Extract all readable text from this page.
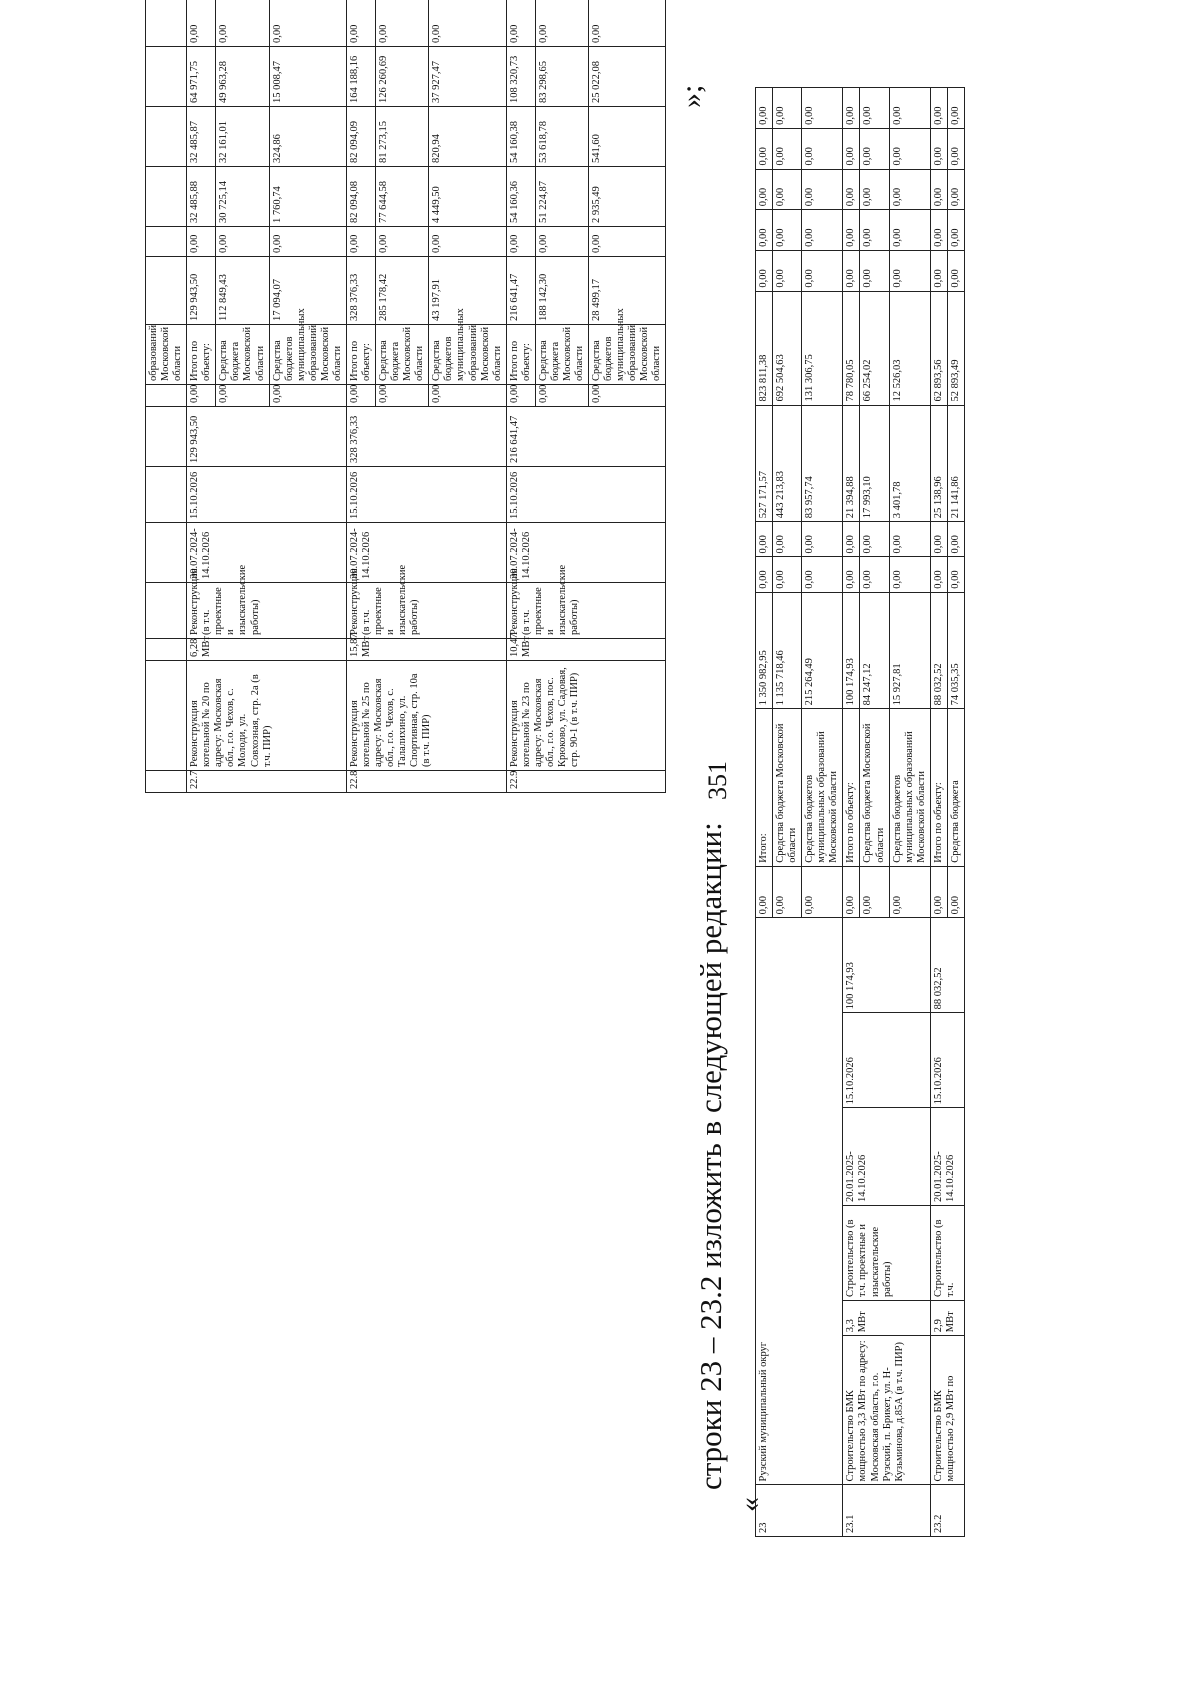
351
								образований
Московской
области											
22.7	Реконструкция котельной № 20 по адресу: Московская обл., г.о. Чехов, с. Молоди, ул. Совхозная, стр. 2а (в т.ч. ПИР)	6,28 МВт	Реконструкция (в т.ч. проектные и изыскательские работы)	30.07.2024-14.10.2026	15.10.2026	129 943,50	0,00	Итого по объекту:	129 943,50	0,00	32 485,88	32 485,87	64 971,75	0,00					
							0,00	Средства бюджета Московской области	112 849,43	0,00	30 725,14	32 161,01	49 963,28	0,00					
							0,00	Средства бюджетов муниципальных образований Московской области	17 094,07	0,00	1 760,74	324,86	15 008,47	0,00					
22.8	Реконструкция котельной № 25 по адресу: Московская обл., г.о. Чехов, с. Талалихино, ул. Спортивная, стр. 10а (в т.ч. ПИР)	15,87 МВт	Реконструкция (в т.ч. проектные и изыскательские работы)	30.07.2024-14.10.2026	15.10.2026	328 376,33	0,00	Итого по объекту:	328 376,33	0,00	82 094,08	82 094,09	164 188,16	0,00					
							0,00	Средства бюджета Московской области	285 178,42	0,00	77 644,58	81 273,15	126 260,69	0,00					
							0,00	Средства бюджетов муниципальных образований Московской области	43 197,91	0,00	4 449,50	820,94	37 927,47	0,00					
22.9	Реконструкция котельной № 23 по адресу: Московская обл., г.о. Чехов, пос. Крюково, ул. Садовая, стр. 90-1 (в т.ч. ПИР)	10,47 МВт	Реконструкция (в т.ч. проектные и изыскательские работы)	30.07.2024-14.10.2026	15.10.2026	216 641,47	0,00	Итого по объекту:	216 641,47	0,00	54 160,36	54 160,38	108 320,73	0,00					
							0,00	Средства бюджета Московской области	188 142,30	0,00	51 224,87	53 618,78	83 298,65	0,00					
							0,00	Средства бюджетов муниципальных образований Московской области	28 499,17	0,00	2 935,49	541,60	25 022,08	0,00					
строки 23 – 23.2 изложить в следующей редакции:
»;
«
23	Рузский муниципальный округ						0,00	Итого:	1 350 982,95	0,00	0,00	527 171,57	823 811,38	0,00	0,00	0,00	0,00	0,00
							0,00	Средства бюджета Московской области	1 135 718,46	0,00	0,00	443 213,83	692 504,63	0,00	0,00	0,00	0,00	0,00
							0,00	Средства бюджетов муниципальных образований Московской области	215 264,49	0,00	0,00	83 957,74	131 306,75	0,00	0,00	0,00	0,00	0,00
23.1	Строительство БМК мощностью 3,3 МВт по адресу: Московская область, г.о. Рузский, п. Брикет, ул. Н-Кузьминова, д.85А (в т.ч. ПИР)	3,3 МВт	Строительство (в т.ч. проектные и изыскательские работы)	20.01.2025-14.10.2026	15.10.2026	100 174,93	0,00	Итого по объекту:	100 174,93	0,00	0,00	21 394,88	78 780,05	0,00	0,00	0,00	0,00	0,00
							0,00	Средства бюджета Московской области	84 247,12	0,00	0,00	17 993,10	66 254,02	0,00	0,00	0,00	0,00	0,00
							0,00	Средства бюджетов муниципальных образований Московской области	15 927,81	0,00	0,00	3 401,78	12 526,03	0,00	0,00	0,00	0,00	0,00
23.2	Строительство БМК мощностью 2,9 МВт по	2,9 МВт	Строительство (в т.ч.	20.01.2025-14.10.2026	15.10.2026	88 032,52	0,00	Итого по объекту:	88 032,52	0,00	0,00	25 138,96	62 893,56	0,00	0,00	0,00	0,00	0,00
							0,00	Средства бюджета	74 035,35	0,00	0,00	21 141,86	52 893,49	0,00	0,00	0,00	0,00	0,00
